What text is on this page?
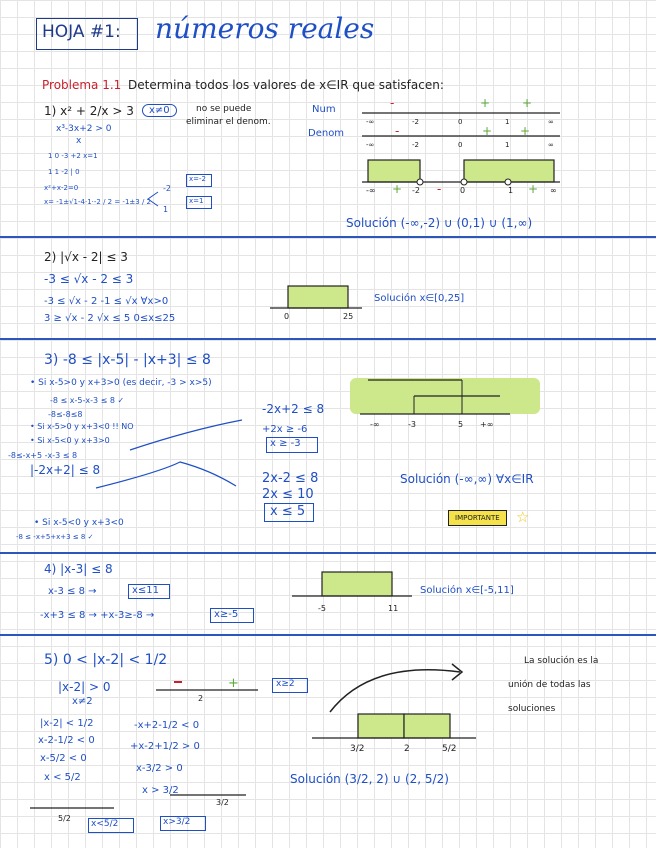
HOJA #1: números reales
Problema 1.1 Determina todos los valores de x∈IR que satisfacen:
1) x² + 2/x > 3	x≠0	no se puede
eliminar el denom.
x³-3x+2 > 0
x
1 0 -3 +2 x=1
1 1 -2 | 0
x²+x-2=0
x= -1±√1-4·1·-2 / 2 = -1±3 / 2
-2
1
x=-2
x=1
Num
Denom
-	+	+
-	+ +
-∞	-2	0	1	∞
-∞	-2	0	1	∞
+	-	+
-∞	-2	0	1	∞
Solución (-∞,-2) ∪ (0,1) ∪ (1,∞)
2) |√x - 2| ≤ 3
-3 ≤ √x - 2 ≤ 3
-3 ≤ √x - 2 -1 ≤ √x ∀x>0
3 ≥ √x - 2 √x ≤ 5 0≤x≤25	0	25
Solución x∈[0,25]
3) -8 ≤ |x-5| - |x+3| ≤ 8
• Si x-5>0 y x+3>0 (es decir, -3 > x>5)
-8 ≤ x-5-x-3 ≤ 8 ✓
-8≤-8≤8
• Si x-5>0 y x+3<0 !! NO
• Si x-5<0 y x+3>0
-8≤-x+5 -x-3 ≤ 8
|-2x+2| ≤ 8
-2x+2 ≤ 8
+2x ≥ -6
x ≥ -3
2x-2 ≤ 8
2x ≤ 10
x ≤ 5
• Si x-5<0 y x+3<0
-8 ≤ -x+5+x+3 ≤ 8 ✓
-∞	-3	5 +∞
Solución (-∞,∞) ∀x∈IR
IMPORTANTE	☆
4) |x-3| ≤ 8
x-3 ≤ 8 →	x≤11
-x+3 ≤ 8 → +x-3≥-8 →	x≥-5
-5	11
Solución x∈[-5,11]
5) 0 < |x-2| < 1/2
|x-2| > 0
x≠2	2
x≥2
|x-2| < 1/2
x-2-1/2 < 0
x-5/2 < 0
x < 5/2
-x+2-1/2 < 0
+x-2+1/2 > 0
x-3/2 > 0
x > 3/2
5/2
3/2
x<5/2	x>3/2
La solución es la
unión de todas las
soluciones
3/2	2	5/2
Solución (3/2, 2) ∪ (2, 5/2)
+
